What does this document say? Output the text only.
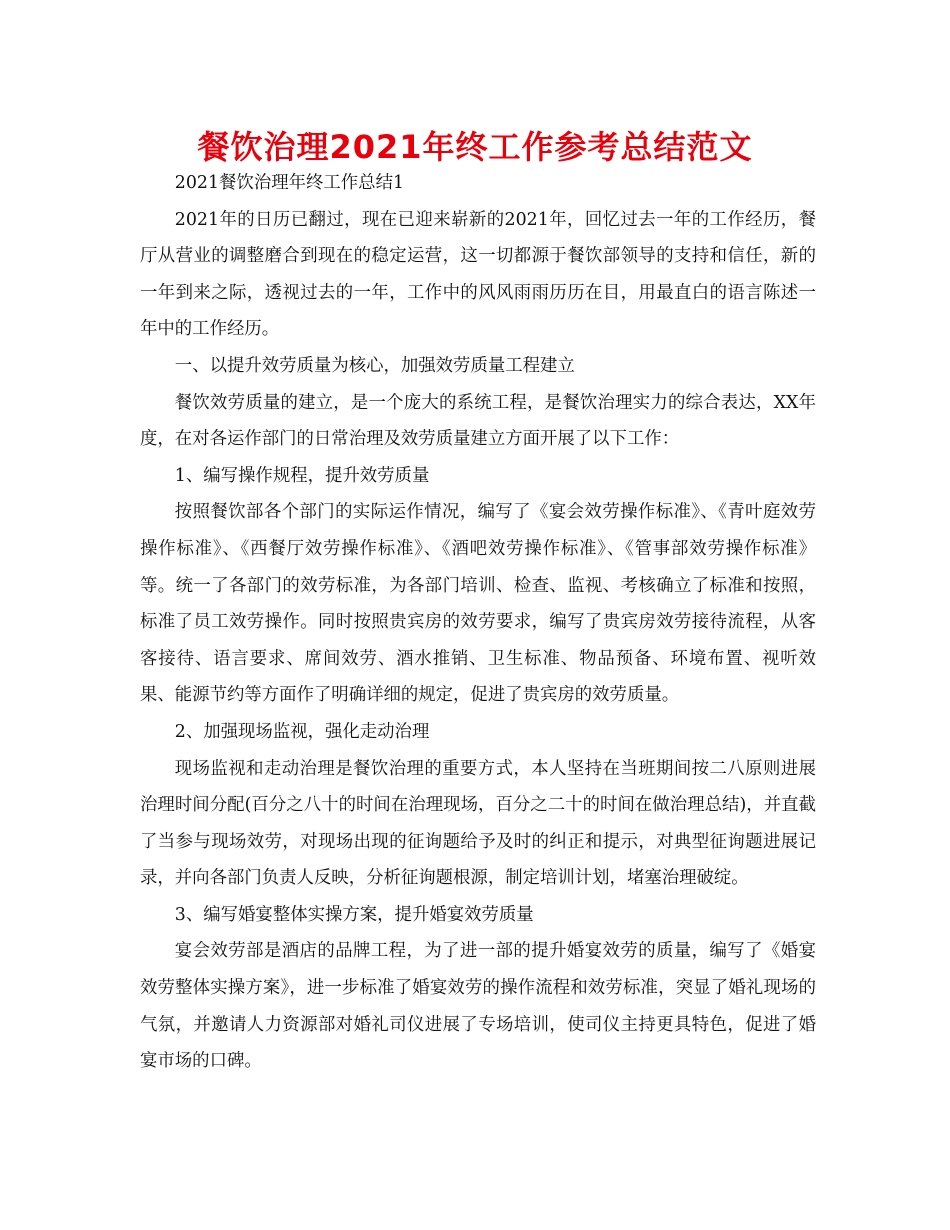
餐饮治理2021年终工作参考总结范文

2021餐饮治理年终工作总结1

2021年的日历已翻过，现在已迎来崭新的2021年，回忆过去一年的工作经历，餐厅从营业的调整磨合到现在的稳定运营，这一切都源于餐饮部领导的支持和信任，新的一年到来之际，透视过去的一年，工作中的风风雨雨历历在目，用最直白的语言陈述一年中的工作经历。

一、以提升效劳质量为核心，加强效劳质量工程建立

餐饮效劳质量的建立，是一个庞大的系统工程，是餐饮治理实力的综合表达，XX年度，在对各运作部门的日常治理及效劳质量建立方面开展了以下工作：

1、编写操作规程，提升效劳质量

按照餐饮部各个部门的实际运作情况，编写了《宴会效劳操作标准》、《青叶庭效劳操作标准》、《西餐厅效劳操作标准》、《酒吧效劳操作标准》、《管事部效劳操作标准》等。统一了各部门的效劳标准，为各部门培训、检查、监视、考核确立了标准和按照，标准了员工效劳操作。同时按照贵宾房的效劳要求，编写了贵宾房效劳接待流程，从客客接待、语言要求、席间效劳、酒水推销、卫生标准、物品预备、环境布置、视听效果、能源节约等方面作了明确详细的规定，促进了贵宾房的效劳质量。

2、加强现场监视，强化走动治理

现场监视和走动治理是餐饮治理的重要方式，本人坚持在当班期间按二八原则进展治理时间分配(百分之八十的时间在治理现场，百分之二十的时间在做治理总结)，并直截了当参与现场效劳，对现场出现的征询题给予及时的纠正和提示，对典型征询题进展记录，并向各部门负责人反映，分析征询题根源，制定培训计划，堵塞治理破绽。

3、编写婚宴整体实操方案，提升婚宴效劳质量

宴会效劳部是酒店的品牌工程，为了进一部的提升婚宴效劳的质量，编写了《婚宴效劳整体实操方案》，进一步标准了婚宴效劳的操作流程和效劳标准，突显了婚礼现场的气氛，并邀请人力资源部对婚礼司仪进展了专场培训，使司仪主持更具特色，促进了婚宴市场的口碑。
